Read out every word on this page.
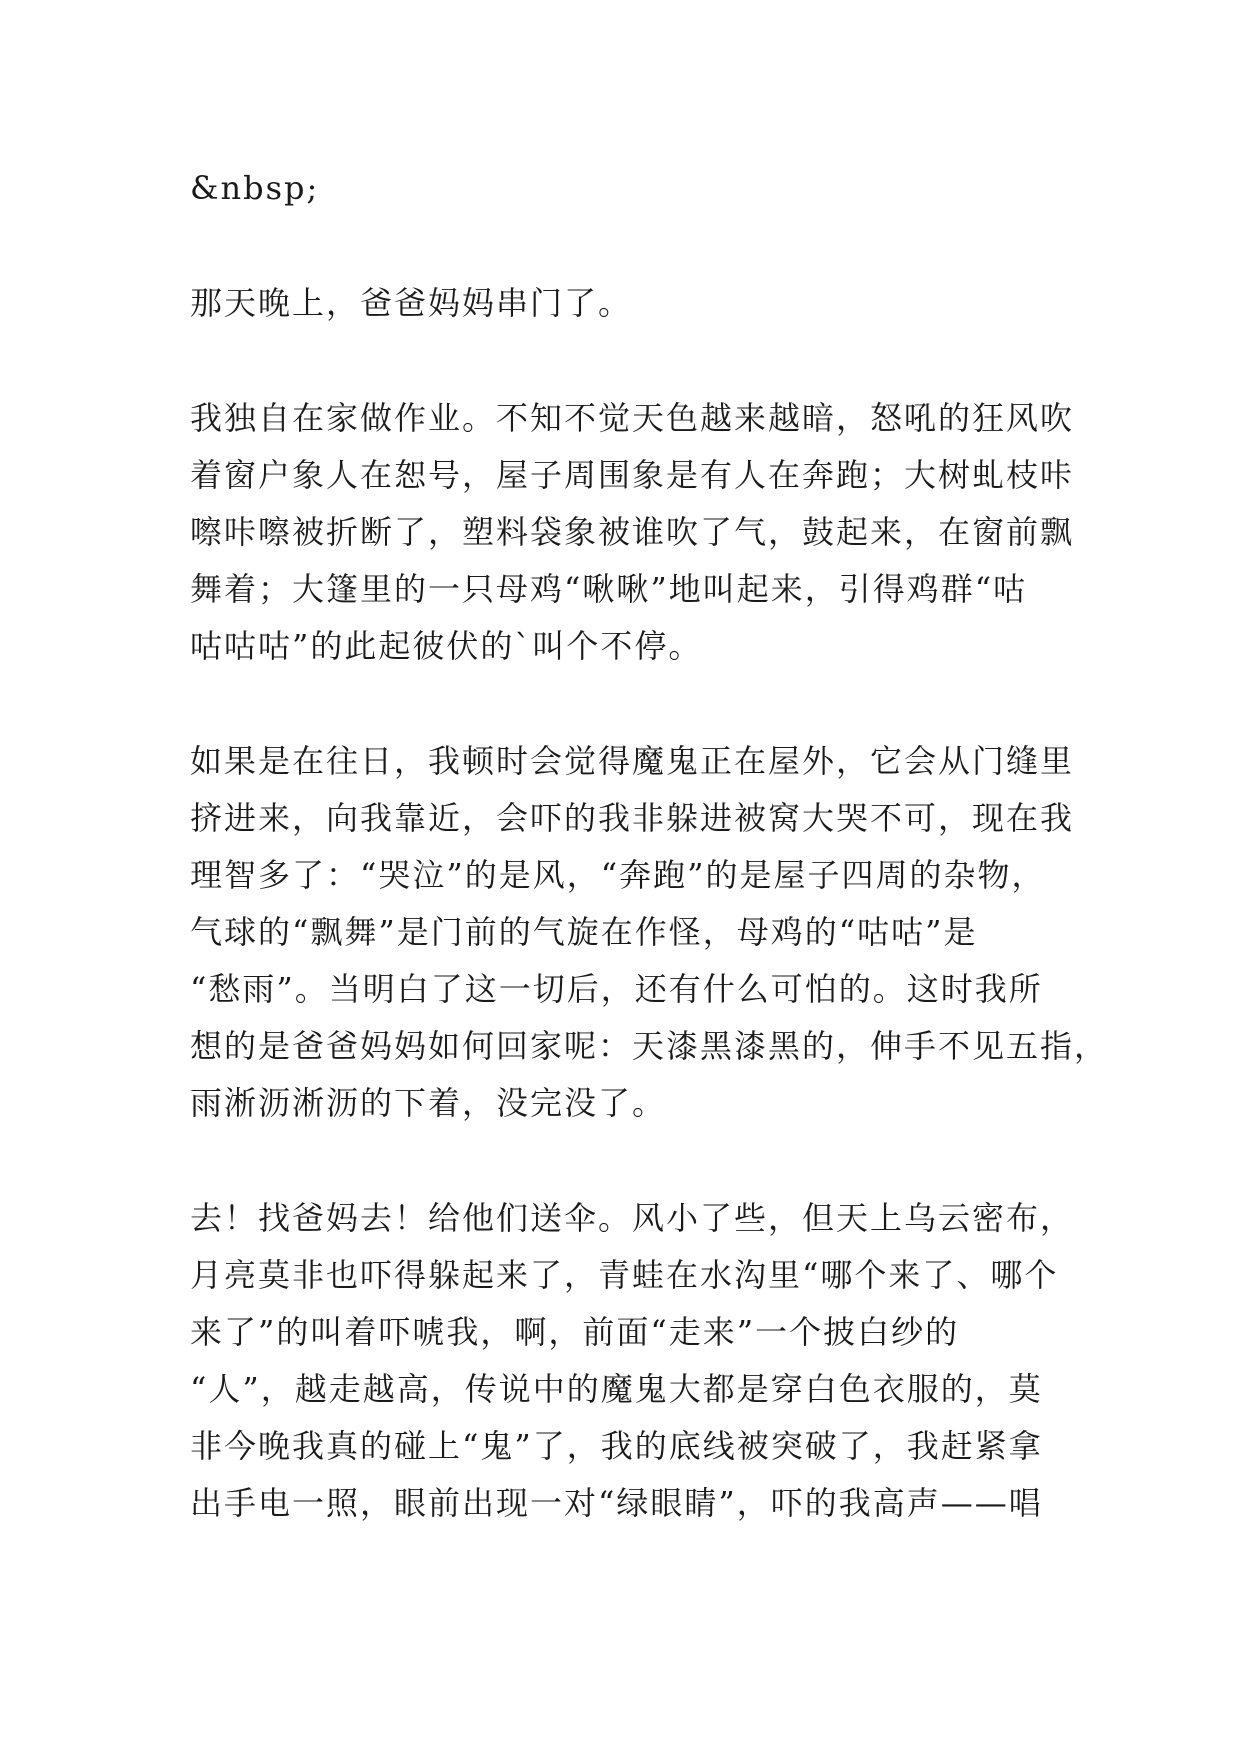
&nbsp;
那天晚上，爸爸妈妈串门了。
我独自在家做作业。不知不觉天色越来越暗，怒吼的狂风吹
着窗户象人在恕号，屋子周围象是有人在奔跑；大树虬枝咔
嚓咔嚓被折断了，塑料袋象被谁吹了气，鼓起来，在窗前飘
舞着；大篷里的一只母鸡“啾啾”地叫起来，引得鸡群“咕
咕咕咕”的此起彼伏的`叫个不停。
如果是在往日，我顿时会觉得魔鬼正在屋外，它会从门缝里
挤进来，向我靠近，会吓的我非躲进被窝大哭不可，现在我
理智多了：“哭泣”的是风，“奔跑”的是屋子四周的杂物，
气球的“飘舞”是门前的气旋在作怪，母鸡的“咕咕”是
“愁雨”。当明白了这一切后，还有什么可怕的。这时我所
想的是爸爸妈妈如何回家呢：天漆黑漆黑的，伸手不见五指，
雨淅沥淅沥的下着，没完没了。
去！找爸妈去！给他们送伞。风小了些，但天上乌云密布，
月亮莫非也吓得躲起来了，青蛙在水沟里“哪个来了、哪个
来了”的叫着吓唬我，啊，前面“走来”一个披白纱的
“人”，越走越高，传说中的魔鬼大都是穿白色衣服的，莫
非今晚我真的碰上“鬼”了，我的底线被突破了，我赶紧拿
出手电一照，眼前出现一对“绿眼睛”，吓的我高声——唱
